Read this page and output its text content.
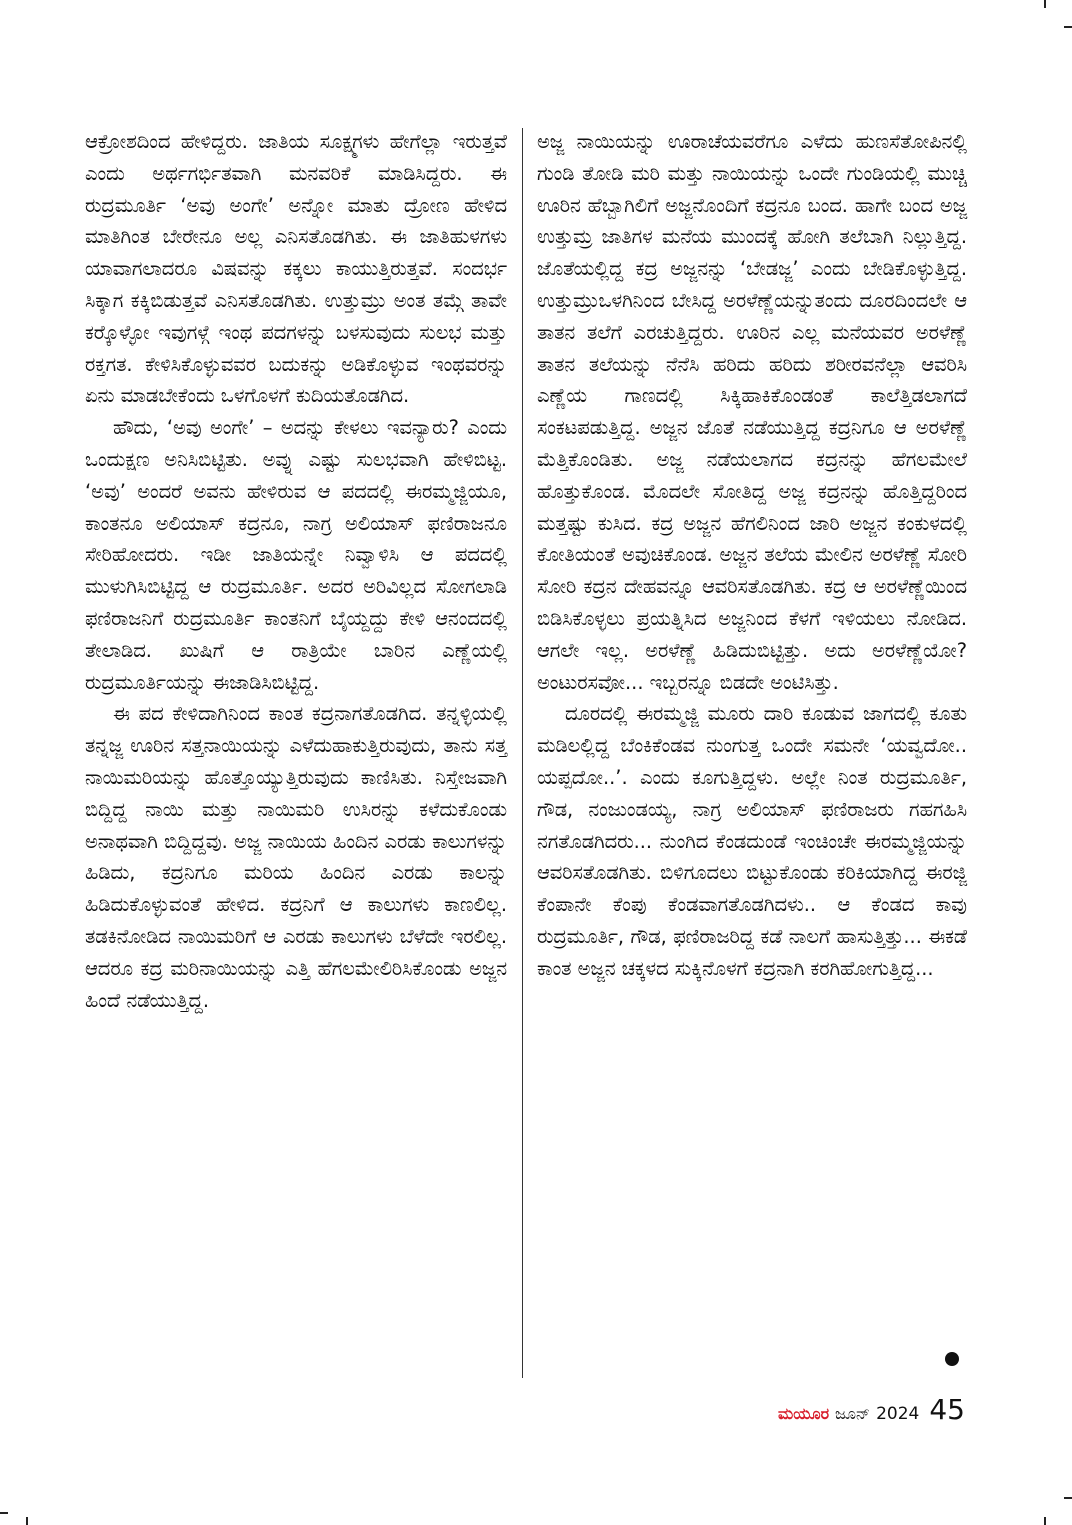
ಆಕ್ರೋಶದಿಂದ ಹೇಳಿದ್ದರು. ಜಾತಿಯ ಸೂಕ್ಷ್ಮಗಳು ಹೇಗೆಲ್ಲಾ ಇರುತ್ತವೆ ಎಂದು ಅರ್ಥಗರ್ಭಿತವಾಗಿ ಮನವರಿಕೆ ಮಾಡಿಸಿದ್ದರು. ಈ ರುದ್ರಮೂರ್ತಿ ‘ಅವು ಅಂಗೇ’ ಅನ್ನೋ ಮಾತು ದ್ರೋಣ ಹೇಳಿದ ಮಾತಿಗಿಂತ ಬೇರೇನೂ ಅಲ್ಲ ಎನಿಸತೊಡಗಿತು. ಈ ಜಾತಿಹುಳಗಳು ಯಾವಾಗಲಾದರೂ ವಿಷವನ್ನು ಕಕ್ಕಲು ಕಾಯುತ್ತಿರುತ್ತವೆ. ಸಂದರ್ಭ ಸಿಕ್ಕಾಗ ಕಕ್ಕಿಬಿಡುತ್ತವೆ ಎನಿಸತೊಡಗಿತು. ಉತ್ತುಮ್ರು ಅಂತ ತಮ್ಗೆ ತಾವೇ ಕರ್‍ಕೊಳ್ಳೋ ಇವುಗಳ್ಗೆ ಇಂಥ ಪದಗಳನ್ನು ಬಳಸುವುದು ಸುಲಭ ಮತ್ತು ರಕ್ತಗತ. ಕೇಳಿಸಿಕೊಳ್ಳುವವರ ಬದುಕನ್ನು ಅಡಿಕೊಳ್ಳುವ ಇಂಥವರನ್ನು ಏನು ಮಾಡಬೇಕೆಂದು ಒಳಗೊಳಗೆ ಕುದಿಯತೊಡಗಿದ.

ಹೌದು, ‘ಅವು ಅಂಗೇ’ – ಅದನ್ನು ಕೇಳಲು ಇವನ್ಯಾರು? ಎಂದು ಒಂದುಕ್ಷಣ ಅನಿಸಿಬಿಟ್ಟಿತು. ಅವ್ನು ಎಷ್ಟು ಸುಲಭವಾಗಿ ಹೇಳಿಬಿಟ್ಟ. ‘ಅವು’ ಅಂದರೆ ಅವನು ಹೇಳಿರುವ ಆ ಪದದಲ್ಲಿ ಈರಮ್ಮಜ್ಜಿಯೂ, ಕಾಂತನೂ ಅಲಿಯಾಸ್ ಕದ್ರನೂ, ನಾಗ್ರ ಅಲಿಯಾಸ್ ಫಣಿರಾಜನೂ ಸೇರಿಹೋದರು. ಇಡೀ ಜಾತಿಯನ್ನೇ ನಿವ್ವಾಳಿಸಿ ಆ ಪದದಲ್ಲಿ ಮುಳುಗಿಸಿಬಿಟ್ಟಿದ್ದ ಆ ರುದ್ರಮೂರ್ತಿ. ಅದರ ಅರಿವಿಲ್ಲದ ಸೋಗಲಾಡಿ ಫಣಿರಾಜನಿಗೆ ರುದ್ರಮೂರ್ತಿ ಕಾಂತನಿಗೆ ಬೈಯ್ದದ್ದು ಕೇಳಿ ಆನಂದದಲ್ಲಿ ತೇಲಾಡಿದ. ಖುಷಿಗೆ ಆ ರಾತ್ರಿಯೇ ಬಾರಿನ ಎಣ್ಣೆಯಲ್ಲಿ ರುದ್ರಮೂರ್ತಿಯನ್ನು ಈಜಾಡಿಸಿಬಿಟ್ಟಿದ್ದ.

ಈ ಪದ ಕೇಳಿದಾಗಿನಿಂದ ಕಾಂತ ಕದ್ರನಾಗತೊಡಗಿದ. ತನ್ನಳ್ಳಿಯಲ್ಲಿ ತನ್ನಜ್ಜ ಊರಿನ ಸತ್ತನಾಯಿಯನ್ನು ಎಳೆದುಹಾಕುತ್ತಿರುವುದು, ತಾನು ಸತ್ತ ನಾಯಿಮರಿಯನ್ನು ಹೊತ್ತೊಯ್ಯುತ್ತಿರುವುದು ಕಾಣಿಸಿತು. ನಿಸ್ತೇಜವಾಗಿ ಬಿದ್ದಿದ್ದ ನಾಯಿ ಮತ್ತು ನಾಯಿಮರಿ ಉಸಿರನ್ನು ಕಳೆದುಕೊಂಡು ಅನಾಥವಾಗಿ ಬಿದ್ದಿದ್ದವು. ಅಜ್ಜ ನಾಯಿಯ ಹಿಂದಿನ ಎರಡು ಕಾಲುಗಳನ್ನು ಹಿಡಿದು, ಕದ್ರನಿಗೂ ಮರಿಯ ಹಿಂದಿನ ಎರಡು ಕಾಲನ್ನು ಹಿಡಿದುಕೊಳ್ಳುವಂತೆ ಹೇಳಿದ. ಕದ್ರನಿಗೆ ಆ ಕಾಲುಗಳು ಕಾಣಲಿಲ್ಲ. ತಡಕಿನೋಡಿದ ನಾಯಿಮರಿಗೆ ಆ ಎರಡು ಕಾಲುಗಳು ಬೆಳೆದೇ ಇರಲಿಲ್ಲ. ಆದರೂ ಕದ್ರ ಮರಿನಾಯಿಯನ್ನು ಎತ್ತಿ ಹೆಗಲಮೇಲಿರಿಸಿಕೊಂಡು ಅಜ್ಜನ ಹಿಂದೆ ನಡೆಯುತ್ತಿದ್ದ.

ಅಜ್ಜ ನಾಯಿಯನ್ನು ಊರಾಚೆಯವರೆಗೂ ಎಳೆದು ಹುಣಸೆತೋಪಿನಲ್ಲಿ ಗುಂಡಿ ತೋಡಿ ಮರಿ ಮತ್ತು ನಾಯಿಯನ್ನು ಒಂದೇ ಗುಂಡಿಯಲ್ಲಿ ಮುಚ್ಚಿ ಊರಿನ ಹೆಬ್ಬಾಗಿಲಿಗೆ ಅಜ್ಜನೊಂದಿಗೆ ಕದ್ರನೂ ಬಂದ. ಹಾಗೇ ಬಂದ ಅಜ್ಜ ಉತ್ತುಮ್ರ ಜಾತಿಗಳ ಮನೆಯ ಮುಂದಕ್ಕೆ ಹೋಗಿ ತಲೆಬಾಗಿ ನಿಲ್ಲುತ್ತಿದ್ದ. ಜೊತೆಯಲ್ಲಿದ್ದ ಕದ್ರ ಅಜ್ಜನನ್ನು ‘ಬೇಡಜ್ಜ’ ಎಂದು ಬೇಡಿಕೊಳ್ಳುತ್ತಿದ್ದ. ಉತ್ತುಮ್ರುಒಳಗಿನಿಂದ ಬೇಸಿದ್ದ ಅರಳೆಣ್ಣೆಯನ್ನುತಂದು ದೂರದಿಂದಲೇ ಆ ತಾತನ ತಲೆಗೆ ಎರಚುತ್ತಿದ್ದರು. ಊರಿನ ಎಲ್ಲ ಮನೆಯವರ ಅರಳೆಣ್ಣೆ ತಾತನ ತಲೆಯನ್ನು ನೆನೆಸಿ ಹರಿದು ಹರಿದು ಶರೀರವನೆಲ್ಲಾ ಆವರಿಸಿ ಎಣ್ಣೆಯ ಗಾಣದಲ್ಲಿ ಸಿಕ್ಕಿಹಾಕಿಕೊಂಡಂತೆ ಕಾಲೆತ್ತಿಡಲಾಗದೆ ಸಂಕಟಪಡುತ್ತಿದ್ದ. ಅಜ್ಜನ ಜೊತೆ ನಡೆಯುತ್ತಿದ್ದ ಕದ್ರನಿಗೂ ಆ ಅರಳೆಣ್ಣೆ ಮೆತ್ತಿಕೊಂಡಿತು. ಅಜ್ಜ ನಡೆಯಲಾಗದ ಕದ್ರನನ್ನು ಹೆಗಲಮೇಲೆ ಹೊತ್ತುಕೊಂಡ. ಮೊದಲೇ ಸೋತಿದ್ದ ಅಜ್ಜ ಕದ್ರನನ್ನು ಹೊತ್ತಿದ್ದರಿಂದ ಮತ್ತಷ್ಟು ಕುಸಿದ. ಕದ್ರ ಅಜ್ಜನ ಹೆಗಲಿನಿಂದ ಜಾರಿ ಅಜ್ಜನ ಕಂಕುಳದಲ್ಲಿ ಕೋತಿಯಂತೆ ಅವುಚಿಕೊಂಡ. ಅಜ್ಜನ ತಲೆಯ ಮೇಲಿನ ಅರಳೆಣ್ಣೆ ಸೋರಿ ಸೋರಿ ಕದ್ರನ ದೇಹವನ್ನೂ ಆವರಿಸತೊಡಗಿತು. ಕದ್ರ ಆ ಅರಳೆಣ್ಣೆಯಿಂದ ಬಿಡಿಸಿಕೊಳ್ಳಲು ಪ್ರಯತ್ನಿಸಿದ ಅಜ್ಜನಿಂದ ಕೆಳಗೆ ಇಳಿಯಲು ನೋಡಿದ. ಆಗಲೇ ಇಲ್ಲ. ಅರಳೆಣ್ಣೆ ಹಿಡಿದುಬಿಟ್ಟಿತ್ತು. ಅದು ಅರಳೆಣ್ಣೆಯೋ? ಅಂಟುರಸವೋ... ಇಬ್ಬರನ್ನೂ ಬಿಡದೇ ಅಂಟಿಸಿತ್ತು.

ದೂರದಲ್ಲಿ ಈರಮ್ಮಜ್ಜಿ ಮೂರು ದಾರಿ ಕೂಡುವ ಜಾಗದಲ್ಲಿ ಕೂತು ಮಡಿಲಲ್ಲಿದ್ದ ಬೆಂಕಿಕೆಂಡವ ನುಂಗುತ್ತ ಒಂದೇ ಸಮನೇ ‘ಯವ್ವದೋ.. ಯಪ್ಪದೋ..’. ಎಂದು ಕೂಗುತ್ತಿದ್ದಳು. ಅಲ್ಲೇ ನಿಂತ ರುದ್ರಮೂರ್ತಿ, ಗೌಡ, ನಂಜುಂಡಯ್ಯ, ನಾಗ್ರ ಅಲಿಯಾಸ್ ಫಣಿರಾಜರು ಗಹಗಹಿಸಿ ನಗತೊಡಗಿದರು... ನುಂಗಿದ ಕೆಂಡದುಂಡೆ ಇಂಚಿಂಚೇ ಈರಮ್ಮಜ್ಜಿಯನ್ನು ಆವರಿಸತೊಡಗಿತು. ಬಿಳಿಗೂದಲು ಬಿಟ್ಟುಕೊಂಡು ಕರಿಕಿಯಾಗಿದ್ದ ಈರಜ್ಜಿ ಕೆಂಪಾನೇ ಕೆಂಪು ಕೆಂಡವಾಗತೊಡಗಿದಳು.. ಆ ಕೆಂಡದ ಕಾವು ರುದ್ರಮೂರ್ತಿ, ಗೌಡ, ಫಣಿರಾಜರಿದ್ದ ಕಡೆ ನಾಲಗೆ ಹಾಸುತ್ತಿತ್ತು... ಈಕಡೆ ಕಾಂತ ಅಜ್ಜನ ಚಕ್ಕಳದ ಸುಕ್ಕಿನೊಳಗೆ ಕದ್ರನಾಗಿ ಕರಗಿಹೋಗುತ್ತಿದ್ದ...

ಮಯೂರ ಜೂನ್ 2024 45
